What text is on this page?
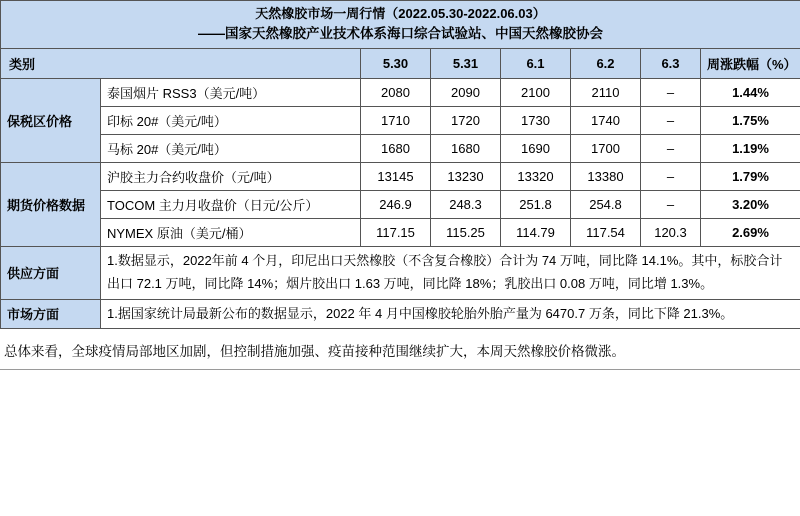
天然橡胶市场一周行情（2022.05.30-2022.06.03）
——国家天然橡胶产业技术体系海口综合试验站、中国天然橡胶协会							

类别		5.30	5.31	6.1	6.2	6.3	周涨跌幅（%）
保税区价格	泰国烟片 RSS3（美元/吨）	2080	2090	2100	2110	–	1.44%
	印标 20#（美元/吨）	1710	1720	1730	1740	–	1.75%
	马标 20#（美元/吨）	1680	1680	1690	1700	–	1.19%
期货价格数据	沪胶主力合约收盘价（元/吨）	13145	13230	13320	13380	–	1.79%
	TOCOM 主力月收盘价（日元/公斤）	246.9	248.3	251.8	254.8	–	3.20%
	NYMEX 原油（美元/桶）	117.15	115.25	114.79	117.54	120.3	2.69%
供应方面	1.数据显示，2022年前 4 个月，印尼出口天然橡胶（不含复合橡胶）合计为 74 万吨，同比降 14.1%。其中，标胶合计出口 72.1 万吨，同比降 14%；烟片胶出口 1.63 万吨，同比降 18%；乳胶出口 0.08 万吨，同比增 1.3%。						
市场方面	1.据国家统计局最新公布的数据显示，2022 年 4 月中国橡胶轮胎外胎产量为 6470.7 万条，同比下降 21.3%。						
总体来看，全球疫情局部地区加剧，但控制措施加强、疫苗接种范围继续扩大，本周天然橡胶价格微涨。
